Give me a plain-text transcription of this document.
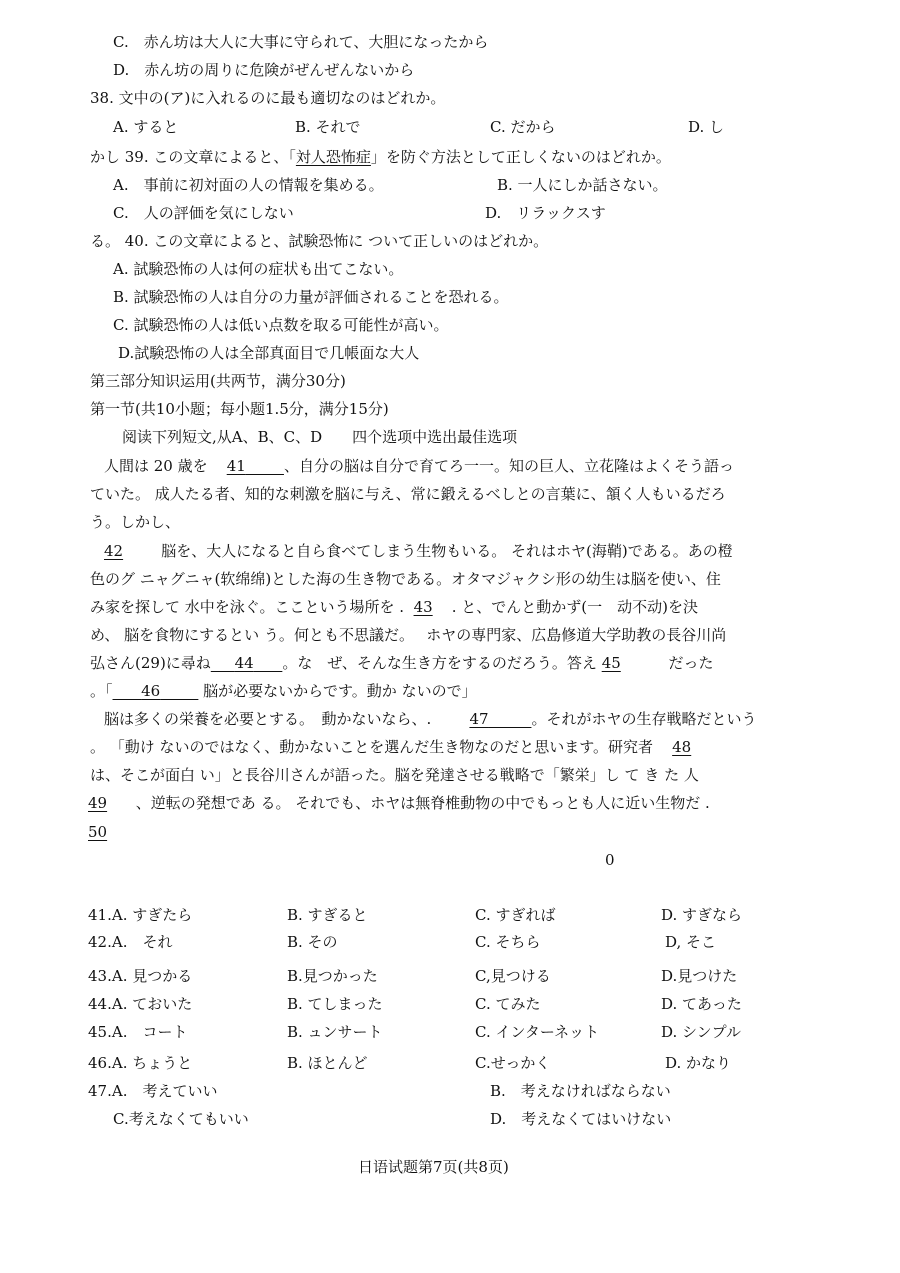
C.　赤ん坊は大人に大事に守られて、大胆になったから
D.　赤ん坊の周りに危険がぜんぜんないから
38. 文中の(ア)に入れるのに最も適切なのはどれか。
A. すると	B. それで	C. だから	D. し
かし 39. この文章によると、「対人恐怖症」を防ぐ方法として正しくないのはどれか。
A.　事前に初対面の人の情報を集める。	B. 一人にしか話さない。
C.　人の評価を気にしない	D.　リラックスす
る。 40. この文章によると、試験恐怖に ついて正しいのはどれか。
A. 試験恐怖の人は何の症状も出てこない。
B. 試験恐怖の人は自分の力量が評価されることを恐れる。
C. 試験恐怖の人は低い点数を取る可能性が高い。
D.試験恐怖の人は全部真面目で几帳面な大人
第三部分知识运用(共两节，满分30分)
第一节(共10小题；每小题1.5分，满分15分)
阅读下列短文,从A、B、C、D　　四个选项中选出最佳选项
人間は 20 歳を 41	、自分の脳は自分で育てろ一一。知の巨人、立花隆はよくそう語っ
ていた。 成人たる者、知的な刺激を脳に与え、常に鍛えるべしとの言葉に、頷く人もいるだろ
う。しかし、
42	脳を、大人になると自ら食べてしまう生物もいる。 それはホヤ(海鞘)である。あの橙
色のグ ニャグニャ(软绵绵)とした海の生き物である。オタマジャクシ形の幼生は脳を使い、住
み家を探して 水中を泳ぐ。ここという場所を . 43 . と、でんと動かず(一　动不动)を決
め、 脳を食物にするとい う。何とも不思議だ。　 ホヤの専門家、広島修道大学助教の長谷川尚
弘さん(29)に尋ね 44 。な　ぜ、そんな生き方をするのだろう。答え 45	だった
。「 46	脳が必要ないからです。動か ないので」
脳は多くの栄養を必要とする。　動かないなら、.	47	。それがホヤの生存戦略だという
。 「動け ないのではなく、動かないことを選んだ生き物なのだと思います。研究者 48
は、そこが面白 い」と長谷川さんが語った。脳を発達させる戦略で「繁栄」し て き た 人
49 、逆転の発想であ る。 それでも、ホヤは無脊椎動物の中でもっとも人に近い生物だ .
50
0
41.A. すぎたら	B. すぎると	C. すぎれば	D. すぎなら
42.A.　それ	B. その	C. そちら	D, そこ
43.A. 見つかる	B.見つかった	C,見つける	D.見つけた
44.A. ておいた	B. てしまった	C. てみた	D. てあった
45.A.　コート	B. ュンサート	C. インターネット	D. シンプル
46.A. ちょうと	B. ほとんど	C.せっかく	D. かなり
47.A.　考えていい	B.　考えなければならない
C.考えなくてもいい	D.　考えなくてはいけない
日语试题第7页(共8页)
